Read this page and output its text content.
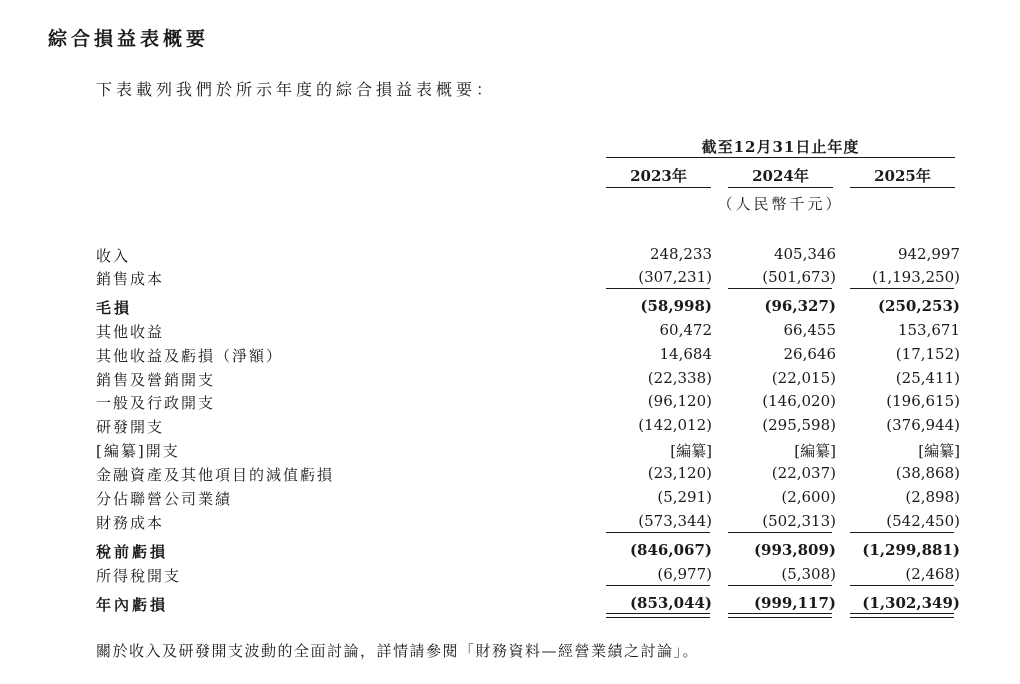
綜合損益表概要
下表載列我們於所示年度的綜合損益表概要：
截至12月31日止年度
2023年	2024年	2025年
（人民幣千元）
收入	248,233	405,346	942,997
銷售成本	(307,231)	(501,673) (1,193,250)
毛損	(58,998)	(96,327)	(250,253)
其他收益	60,472	66,455	153,671
其他收益及虧損（淨額）	14,684	26,646	(17,152)
銷售及營銷開支	(22,338)	(22,015)	(25,411)
一般及行政開支	(96,120)	(146,020)	(196,615)
研發開支	(142,012)	(295,598)	(376,944)
[編纂]開支	[編纂]	[編纂]	[編纂]
金融資產及其他項目的減值虧損	(23,120)	(22,037)	(38,868)
分佔聯營公司業績	(5,291)	(2,600)	(2,898)
財務成本	(573,344)	(502,313)	(542,450)
稅前虧損	(846,067)	(993,809) (1,299,881)
所得稅開支	(6,977)	(5,308)	(2,468)
年內虧損	(853,044)	(999,117) (1,302,349)
關於收入及研發開支波動的全面討論，詳情請參閱「財務資料—經營業績之討論」。
